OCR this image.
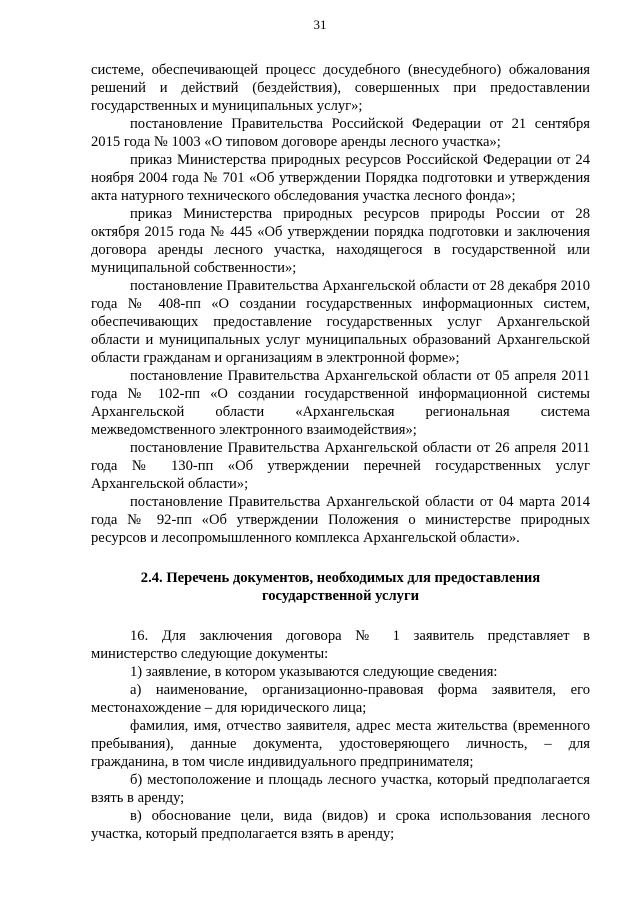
31

системе, обеспечивающей процесс досудебного (внесудебного) обжалования решений и действий (бездействия), совершенных при предоставлении государственных и муниципальных услуг»;

постановление Правительства Российской Федерации от 21 сентября 2015 года № 1003 «О типовом договоре аренды лесного участка»;

приказ Министерства природных ресурсов Российской Федерации от 24 ноября 2004 года № 701 «Об утверждении Порядка подготовки и утверждения акта натурного технического обследования участка лесного фонда»;

приказ Министерства природных ресурсов природы России от 28 октября 2015 года № 445 «Об утверждении порядка подготовки и заключения договора аренды лесного участка, находящегося в государственной или муниципальной собственности»;

постановление Правительства Архангельской области от 28 декабря 2010 года № 408-пп «О создании государственных информационных систем, обеспечивающих предоставление государственных услуг Архангельской области и муниципальных услуг муниципальных образований Архангельской области гражданам и организациям в электронной форме»;

постановление Правительства Архангельской области от 05 апреля 2011 года № 102-пп «О создании государственной информационной системы Архангельской области «Архангельская региональная система межведомственного электронного взаимодействия»;

постановление Правительства Архангельской области от 26 апреля 2011 года № 130-пп «Об утверждении перечней государственных услуг Архангельской области»;

постановление Правительства Архангельской области от 04 марта 2014 года № 92-пп «Об утверждении Положения о министерстве природных ресурсов и лесопромышленного комплекса Архангельской области».

2.4. Перечень документов, необходимых для предоставления
государственной услуги

16. Для заключения договора № 1 заявитель представляет в министерство следующие документы:

1) заявление, в котором указываются следующие сведения:

а) наименование, организационно-правовая форма заявителя, его местонахождение – для юридического лица;

фамилия, имя, отчество заявителя, адрес места жительства (временного пребывания), данные документа, удостоверяющего личность, – для гражданина, в том числе индивидуального предпринимателя;

б) местоположение и площадь лесного участка, который предполагается взять в аренду;

в) обоснование цели, вида (видов) и срока использования лесного участка, который предполагается взять в аренду;
